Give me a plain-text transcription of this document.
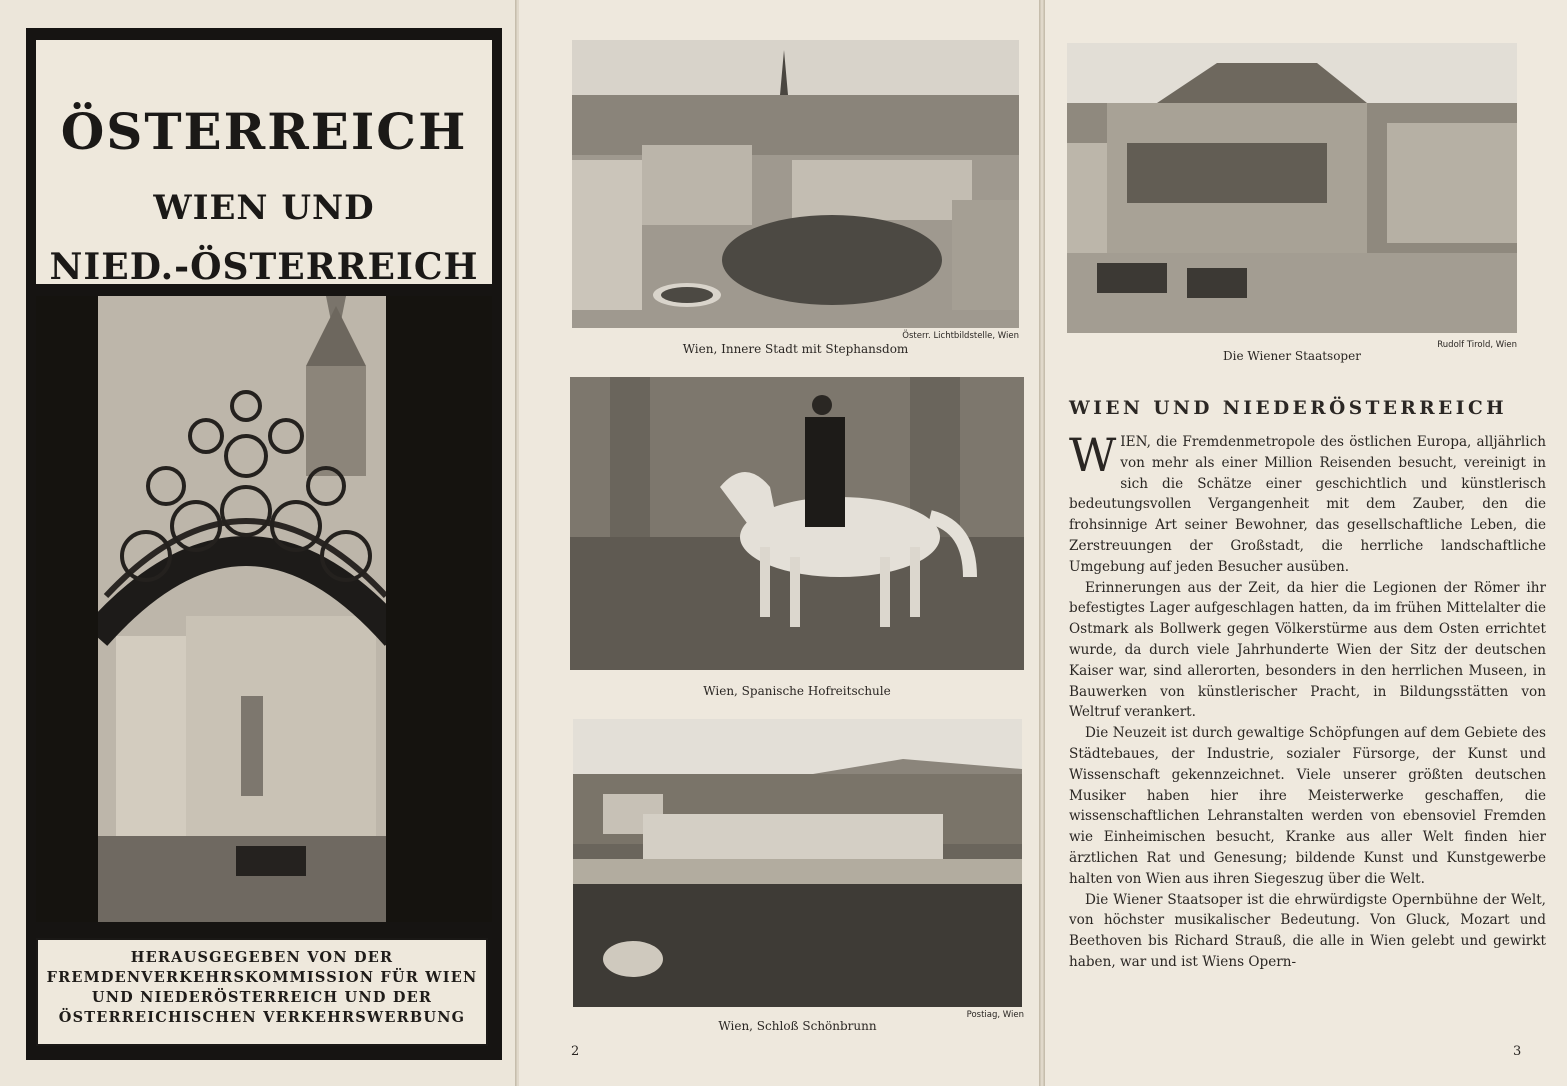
ÖSTERREICH
WIEN UND
NIED.-ÖSTERREICH
HERAUSGEGEBEN VON DER
FREMDENVERKEHRSKOMMISSION FÜR WIEN
UND NIEDERÖSTERREICH UND DER
ÖSTERREICHISCHEN VERKEHRSWERBUNG
Österr. Lichtbildstelle, Wien
Wien, Innere Stadt mit Stephansdom
Wien, Spanische Hofreitschule
Postiag, Wien
Wien, Schloß Schönbrunn
2
Rudolf Tirold, Wien
Die Wiener Staatsoper
WIEN UND NIEDERÖSTERREICH

WIEN, die Fremdenmetropole des östlichen Europa, alljährlich von mehr als einer Million Reisenden besucht, vereinigt in sich die Schätze einer geschichtlich und künstlerisch bedeutungsvollen Vergangenheit mit dem Zauber, den die frohsinnige Art seiner Bewohner, das gesellschaftliche Leben, die Zerstreuungen der Großstadt, die herrliche landschaftliche Umgebung auf jeden Besucher ausüben.

Erinnerungen aus der Zeit, da hier die Legionen der Römer ihr befestigtes Lager aufgeschlagen hatten, da im frühen Mittelalter die Ostmark als Bollwerk gegen Völkerstürme aus dem Osten errichtet wurde, da durch viele Jahrhunderte Wien der Sitz der deutschen Kaiser war, sind allerorten, besonders in den herrlichen Museen, in Bauwerken von künstlerischer Pracht, in Bildungsstätten von Weltruf verankert.

Die Neuzeit ist durch gewaltige Schöpfungen auf dem Gebiete des Städtebaues, der Industrie, sozialer Fürsorge, der Kunst und Wissenschaft gekennzeichnet. Viele unserer größten deutschen Musiker haben hier ihre Meisterwerke geschaffen, die wissenschaftlichen Lehranstalten werden von ebensoviel Fremden wie Einheimischen besucht, Kranke aus aller Welt finden hier ärztlichen Rat und Genesung; bildende Kunst und Kunstgewerbe halten von Wien aus ihren Siegeszug über die Welt.

Die Wiener Staatsoper ist die ehrwürdigste Opernbühne der Welt, von höchster musikalischer Bedeutung. Von Gluck, Mozart und Beethoven bis Richard Strauß, die alle in Wien gelebt und gewirkt haben, war und ist Wiens Opern-

3
